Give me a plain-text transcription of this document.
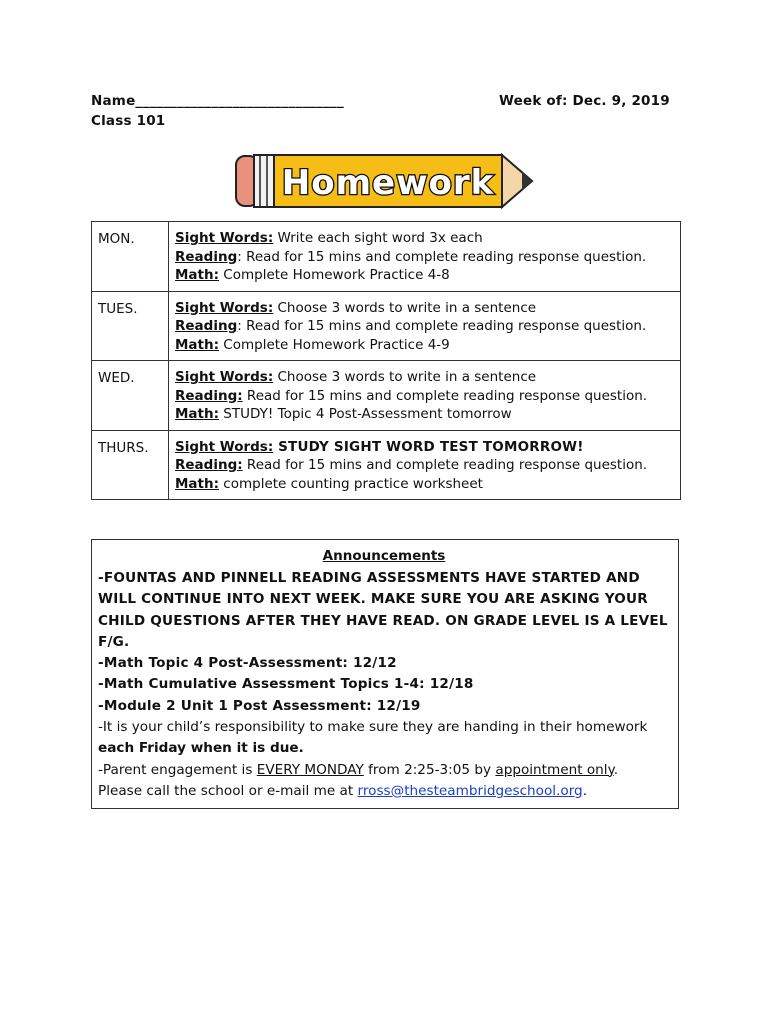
Name______________________________
Class 101
Week of: Dec. 9, 2019
Homework
MON.	Sight Words: Write each sight word 3x each
Reading: Read for 15 mins and complete reading response question.
Math: Complete Homework Practice 4-8

TUES.	Sight Words: Choose 3 words to write in a sentence
Reading: Read for 15 mins and complete reading response question.
Math: Complete Homework Practice 4-9

WED.	Sight Words: Choose 3 words to write in a sentence
Reading: Read for 15 mins and complete reading response question.
Math: STUDY! Topic 4 Post-Assessment tomorrow

THURS.	Sight Words: STUDY SIGHT WORD TEST TOMORROW!
Reading: Read for 15 mins and complete reading response question.
Math: complete counting practice worksheet
Announcements
-FOUNTAS AND PINNELL READING ASSESSMENTS HAVE STARTED AND WILL CONTINUE INTO NEXT WEEK. MAKE SURE YOU ARE ASKING YOUR CHILD QUESTIONS AFTER THEY HAVE READ. ON GRADE LEVEL IS A LEVEL F/G.
-Math Topic 4 Post-Assessment: 12/12
-Math Cumulative Assessment Topics 1-4: 12/18
-Module 2 Unit 1 Post Assessment: 12/19
-It is your child’s responsibility to make sure they are handing in their homework each Friday when it is due.
-Parent engagement is EVERY MONDAY from 2:25-3:05 by appointment only.
Please call the school or e-mail me at rross@thesteambridgeschool.org.
